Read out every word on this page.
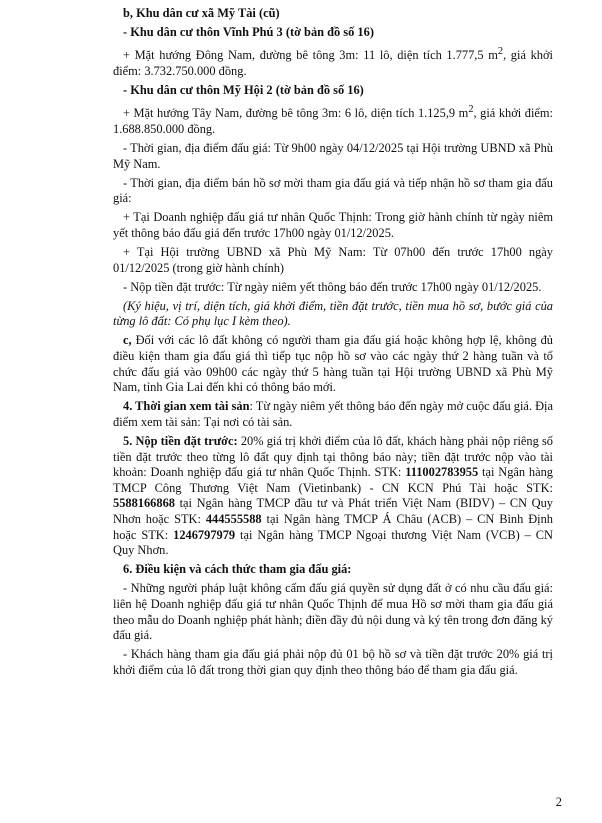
b, Khu dân cư xã Mỹ Tài (cũ)

- Khu dân cư thôn Vĩnh Phú 3 (tờ bản đồ số 16)

+ Mặt hướng Đông Nam, đường bê tông 3m: 11 lô, diện tích 1.777,5 $m^2$, giá khởi điểm: 3.732.750.000 đồng.

- Khu dân cư thôn Mỹ Hội 2 (tờ bản đồ số 16)

+ Mặt hướng Tây Nam, đường bê tông 3m: 6 lô, diện tích 1.125,9 $m^2$, giá khởi điểm: 1.688.850.000 đồng.

- Thời gian, địa điểm đấu giá: Từ 9h00 ngày 04/12/2025 tại Hội trường UBND xã Phù Mỹ Nam.

- Thời gian, địa điểm bán hồ sơ mời tham gia đấu giá và tiếp nhận hồ sơ tham gia đấu giá:

+ Tại Doanh nghiệp đấu giá tư nhân Quốc Thịnh: Trong giờ hành chính từ ngày niêm yết thông báo đấu giá đến trước 17h00 ngày 01/12/2025.

+ Tại Hội trường UBND xã Phù Mỹ Nam: Từ 07h00 đến trước 17h00 ngày 01/12/2025 (trong giờ hành chính)

- Nộp tiền đặt trước: Từ ngày niêm yết thông báo đến trước 17h00 ngày 01/12/2025.

(Ký hiệu, vị trí, diện tích, giá khởi điểm, tiền đặt trước, tiền mua hồ sơ, bước giá của từng lô đất: Có phụ lục I kèm theo).

c, Đối với các lô đất không có người tham gia đấu giá hoặc không hợp lệ, không đủ điều kiện tham gia đấu giá thì tiếp tục nộp hồ sơ vào các ngày thứ 2 hàng tuần và tổ chức đấu giá vào 09h00 các ngày thứ 5 hàng tuần tại Hội trường UBND xã Phù Mỹ Nam, tỉnh Gia Lai đến khi có thông báo mới.

4. Thời gian xem tài sản: Từ ngày niêm yết thông báo đến ngày mở cuộc đấu giá. Địa điểm xem tài sản: Tại nơi có tài sản.

5. Nộp tiền đặt trước: 20% giá trị khởi điểm của lô đất, khách hàng phải nộp riêng số tiền đặt trước theo từng lô đất quy định tại thông báo này; tiền đặt trước nộp vào tài khoản: Doanh nghiệp đấu giá tư nhân Quốc Thịnh. STK: 111002783955 tại Ngân hàng TMCP Công Thương Việt Nam (Vietinbank) - CN KCN Phú Tài hoặc STK: 5588166868 tại Ngân hàng TMCP đầu tư và Phát triển Việt Nam (BIDV) – CN Quy Nhơn hoặc STK: 444555588 tại Ngân hàng TMCP Á Châu (ACB) – CN Bình Định hoặc STK: 1246797979 tại Ngân hàng TMCP Ngoại thương Việt Nam (VCB) – CN Quy Nhơn.

6. Điều kiện và cách thức tham gia đấu giá:

- Những người pháp luật không cấm đấu giá quyền sử dụng đất ở có nhu cầu đấu giá: liên hệ Doanh nghiệp đấu giá tư nhân Quốc Thịnh để mua Hồ sơ mời tham gia đấu giá theo mẫu do Doanh nghiệp phát hành; điền đầy đủ nội dung và ký tên trong đơn đăng ký đấu giá.

- Khách hàng tham gia đấu giá phải nộp đủ 01 bộ hồ sơ và tiền đặt trước 20% giá trị khởi điểm của lô đất trong thời gian quy định theo thông báo để tham gia đấu giá.

2
